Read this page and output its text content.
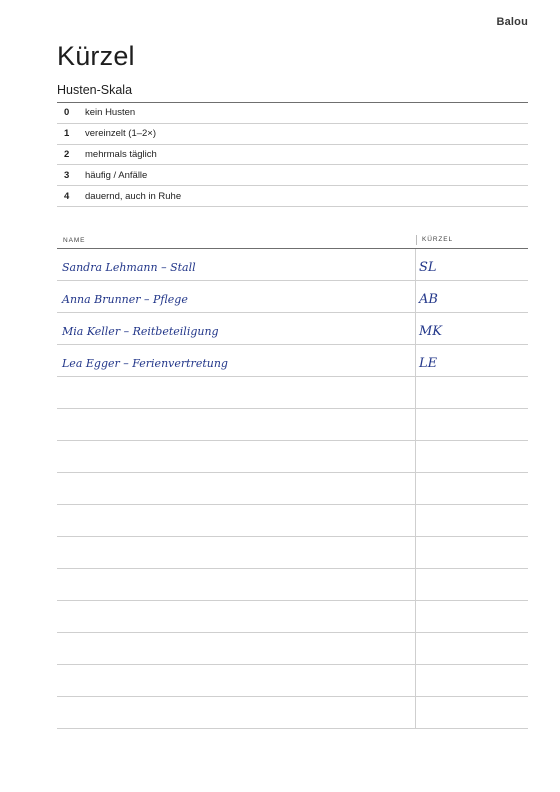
Balou
Kürzel
Husten-Skala
0	kein Husten
1	vereinzelt (1–2×)
2	mehrmals täglich
3	häufig / Anfälle
4	dauernd, auch in Ruhe
NAME	KÜRZEL
Sandra Lehmann – Stall	SL
Anna Brunner – Pflege	AB
Mia Keller – Reitbeteiligung	MK
Lea Egger – Ferienvertretung	LE
